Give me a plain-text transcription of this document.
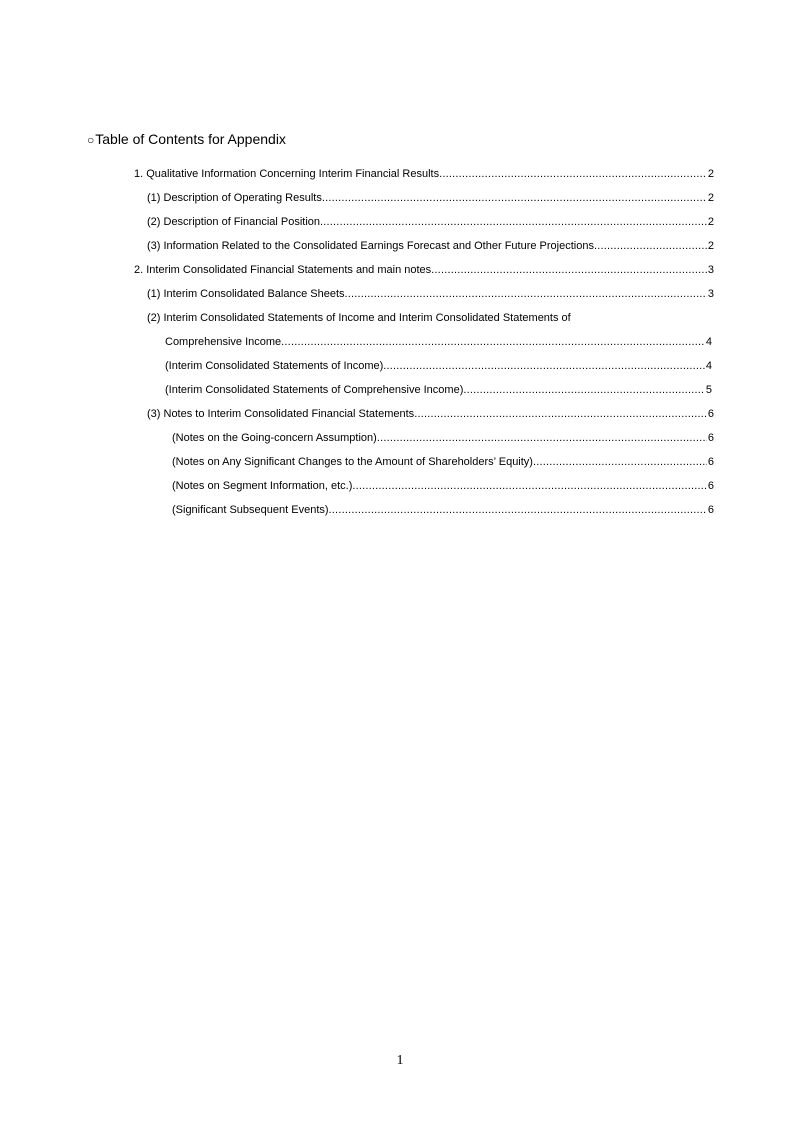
○Table of Contents for Appendix
1. Qualitative Information Concerning Interim Financial Results .....	2
(1) Description of Operating Results .....	2
(2) Description of Financial Position .....	2
(3) Information Related to the Consolidated Earnings Forecast and Other Future Projections .....	2
2. Interim Consolidated Financial Statements and main notes .....	3
(1) Interim Consolidated Balance Sheets .....	3
(2) Interim Consolidated Statements of Income and Interim Consolidated Statements of
Comprehensive Income .....	4
(Interim Consolidated Statements of Income) .....	4
(Interim Consolidated Statements of Comprehensive Income) .....	5
(3) Notes to Interim Consolidated Financial Statements .....	6
(Notes on the Going-concern Assumption) .....	6
(Notes on Any Significant Changes to the Amount of Shareholders’ Equity) .....	6
(Notes on Segment Information, etc.) .....	6
(Significant Subsequent Events) .....	6
1
